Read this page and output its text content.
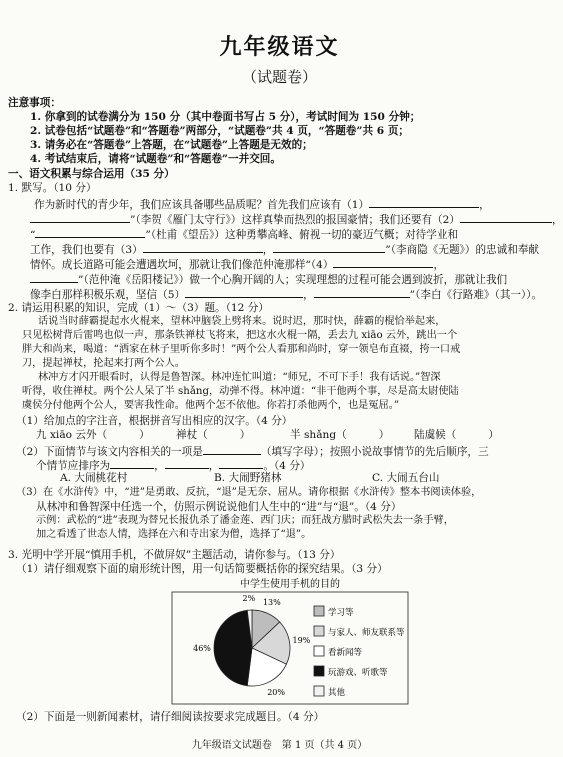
九年级语文
（试题卷）
注意事项：
1. 你拿到的试卷满分为 150 分（其中卷面书写占 5 分），考试时间为 150 分钟；
2. 试卷包括“试题卷”和“答题卷”两部分，“试题卷”共 4 页，“答题卷”共 6 页；
3. 请务必在“答题卷”上答题，在“试题卷”上答题是无效的；
4. 考试结束后，请将“试题卷”和“答题卷”一并交回。
一、语文积累与综合运用（35 分）
1. 默写。（10 分）
作为新时代的青少年，我们应该具备哪些品质呢？首先我们应该有（1）	，
”（李贺《雁门太守行》）这样真挚而热烈的报国豪情；我们还要有（2）	，
“	”（杜甫《望岳》）这种勇攀高峰、俯视一切的豪迈气概；对待学业和
工作，我们也要有（3）	，	”（李商隐《无题》）的忠诚和奉献
情怀。成长道路可能会遭遇坎坷，那就让我们像范仲淹那样“（4）	，
”（范仲淹《岳阳楼记》）做一个心胸开阔的人；实现理想的过程可能会遇到波折，那就让我们
像李白那样积极乐观，坚信（5）	，	”（李白《行路难》（其一））。
2. 请运用积累的知识，完成（1）～（3）题。（12 分）
话说当时薛霸提起水火棍来，望林冲脑袋上劈将来。说时迟，那时快，薛霸的棍恰举起来，
只见松树背后雷鸣也似一声，那条铁禅杖飞将来，把这水火棍一隔，丢去九 xiāo 云外，跳出一个
胖大和尚来，喝道：“洒家在林子里听你多时！”两个公人看那和尚时，穿一领皂布直裰，挎一口戒
刀，提起禅杖，抡起来打两个公人。
林冲方才闪开眼看时，认得是鲁智深。林冲连忙叫道：“师兄，不可下手！我有话说。”智深
听得，收住禅杖。两个公人呆了半 shǎng，动弹不得。林冲道：“非干他两个事，尽是高太尉使陆
虞侯分付他两个公人，要害我性命。他两个怎不依他。你若打杀他两个，也是冤屈。”
（1）给加点的字注音，根据拼音写出相应的汉字。（4 分）
九 xiāo 云外（	） 禅杖（	）	半 shǎng（	） 陆虞候（	）
（2）下面情节与该文内容相关的一项是	（填写字母）；按照小说故事情节的先后顺序，三
个情节应排序为	，	，	。（4 分）
A. 大闹桃花村	B. 大闹野猪林	C. 大闹五台山
（3）在《水浒传》中，“进”是勇敢、反抗，“退”是无奈、屈从。请你根据《水浒传》整本书阅读体验，
从林冲和鲁智深中任选一个，仿照示例说说他们人生中的“进”与“退”。（4 分）
示例：武松的“进”表现为替兄长报仇杀了潘金莲、西门庆；而狂战方腊时武松失去一条手臂，
加之看透了世态人情，选择在六和寺出家为僧，选择了“退”。
3. 光明中学开展“慎用手机，不做屏奴”主题活动，请你参与。（13 分）
（1）请仔细观察下面的扇形统计图，用一句话简要概括你的探究结果。（3 分）
中学生使用手机的目的
13%
19%
20%
46%
2%
学习等
与家人、师友联系等
看新闻等
玩游戏、听歌等
其他
（2）下面是一则新闻素材，请仔细阅读按要求完成题目。（4 分）
九年级语文试题卷　第 1 页（共 4 页）
